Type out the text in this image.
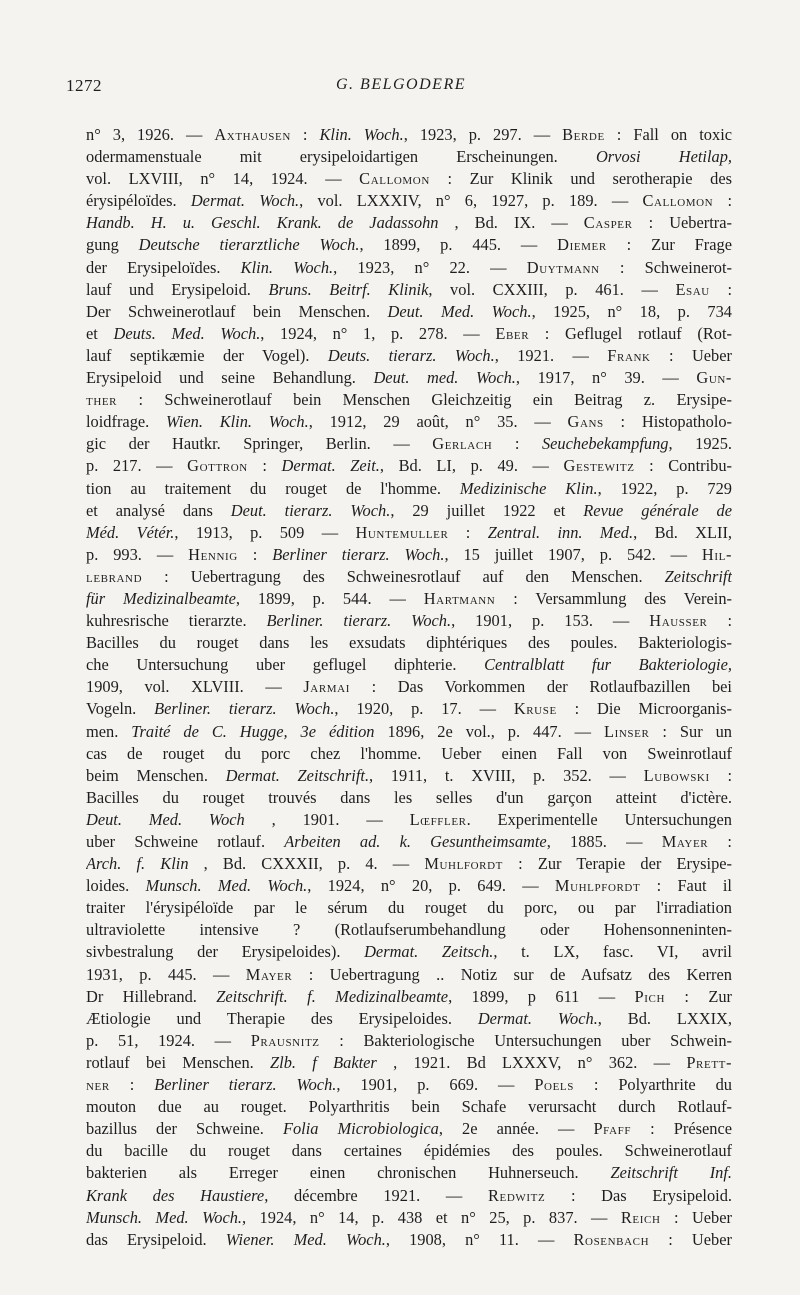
1272	G. BELGODERE
n° 3, 1926. — Axthausen : Klin. Woch., 1923, p. 297. — Berde : Fall on toxic
odermamenstuale mit erysipeloidartigen Erscheinungen. Orvosi Hetilap,
vol. LXVIII, n° 14, 1924. — Callomon : Zur Klinik und serotherapie des
érysipéloïdes. Dermat. Woch., vol. LXXXIV, n° 6, 1927, p. 189. — Callomon :
Handb. H. u. Geschl. Krank. de Jadassohn , Bd. IX. — Casper : Uebertra-
gung Deutsche tierarztliche Woch., 1899, p. 445. — Diemer : Zur Frage
der Erysipeloïdes. Klin. Woch., 1923, n° 22. — Duytmann : Schweinerot-
lauf und Erysipeloid. Bruns. Beitrf. Klinik, vol. CXXIII, p. 461. — Esau :
Der Schweinerotlauf bein Menschen. Deut. Med. Woch., 1925, n° 18, p. 734
et Deuts. Med. Woch., 1924, n° 1, p. 278. — Eber : Geflugel rotlauf (Rot-
lauf septikæmie der Vogel). Deuts. tierarz. Woch., 1921. — Frank : Ueber
Erysipeloid und seine Behandlung. Deut. med. Woch., 1917, n° 39. — Gun-
ther : Schweinerotlauf bein Menschen Gleichzeitig ein Beitrag z. Erysipe-
loidfrage. Wien. Klin. Woch., 1912, 29 août, n° 35. — Gans : Histopatholo-
gic der Hautkr. Springer, Berlin. — Gerlach : Seuchebekampfung, 1925.
p. 217. — Gottron : Dermat. Zeit., Bd. LI, p. 49. — Gestewitz : Contribu-
tion au traitement du rouget de l'homme. Medizinische Klin., 1922, p. 729
et analysé dans Deut. tierarz. Woch., 29 juillet 1922 et Revue générale de
Méd. Vétér., 1913, p. 509 — Huntemuller : Zentral. inn. Med., Bd. XLII,
p. 993. — Hennig : Berliner tierarz. Woch., 15 juillet 1907, p. 542. — Hil-
lebrand : Uebertragung des Schweinesrotlauf auf den Menschen. Zeitschrift
für Medizinalbeamte, 1899, p. 544. — Hartmann : Versammlung des Verein-
kuhresrische tierarzte. Berliner. tierarz. Woch., 1901, p. 153. — Hausser :
Bacilles du rouget dans les exsudats diphtériques des poules. Bakteriologis-
che Untersuchung uber geflugel diphterie. Centralblatt fur Bakteriologie,
1909, vol. XLVIII. — Jarmai : Das Vorkommen der Rotlaufbazillen bei
Vogeln. Berliner. tierarz. Woch., 1920, p. 17. — Kruse : Die Microorganis-
men. Traité de C. Hugge, 3e édition 1896, 2e vol., p. 447. — Linser : Sur un
cas de rouget du porc chez l'homme. Ueber einen Fall von Sweinrotlauf
beim Menschen. Dermat. Zeitschrift., 1911, t. XVIII, p. 352. — Lubowski :
Bacilles du rouget trouvés dans les selles d'un garçon atteint d'ictère.
Deut. Med. Woch , 1901. — Lœffler. Experimentelle Untersuchungen
uber Schweine rotlauf. Arbeiten ad. k. Gesuntheimsamte, 1885. — Mayer :
Arch. f. Klin , Bd. CXXXII, p. 4. — Muhlfordt : Zur Terapie der Erysipe-
loides. Munsch. Med. Woch., 1924, n° 20, p. 649. — Muhlpfordt : Faut il
traiter l'érysipéloïde par le sérum du rouget du porc, ou par l'irradiation
ultraviolette intensive ? (Rotlaufserumbehandlung oder Hohensonneninten-
sivbestralung der Erysipeloides). Dermat. Zeitsch., t. LX, fasc. VI, avril
1931, p. 445. — Mayer : Uebertragung .. Notiz sur de Aufsatz des Kerren
Dr Hillebrand. Zeitschrift. f. Medizinalbeamte, 1899, p 611 — Pich : Zur
Ætiologie und Therapie des Erysipeloides. Dermat. Woch., Bd. LXXIX,
p. 51, 1924. — Prausnitz : Bakteriologische Untersuchungen uber Schwein-
rotlauf bei Menschen. Zlb. f Bakter , 1921. Bd LXXXV, n° 362. — Prett-
ner : Berliner tierarz. Woch., 1901, p. 669. — Poels : Polyarthrite du
mouton due au rouget. Polyarthritis bein Schafe verursacht durch Rotlauf-
bazillus der Schweine. Folia Microbiologica, 2e année. — Pfaff : Présence
du bacille du rouget dans certaines épidémies des poules. Schweinerotlauf
bakterien als Erreger einen chronischen Huhnerseuch. Zeitschrift Inf.
Krank des Haustiere, décembre 1921. — Redwitz : Das Erysipeloid.
Munsch. Med. Woch., 1924, n° 14, p. 438 et n° 25, p. 837. — Reich : Ueber
das Erysipeloid. Wiener. Med. Woch., 1908, n° 11. — Rosenbach : Ueber
